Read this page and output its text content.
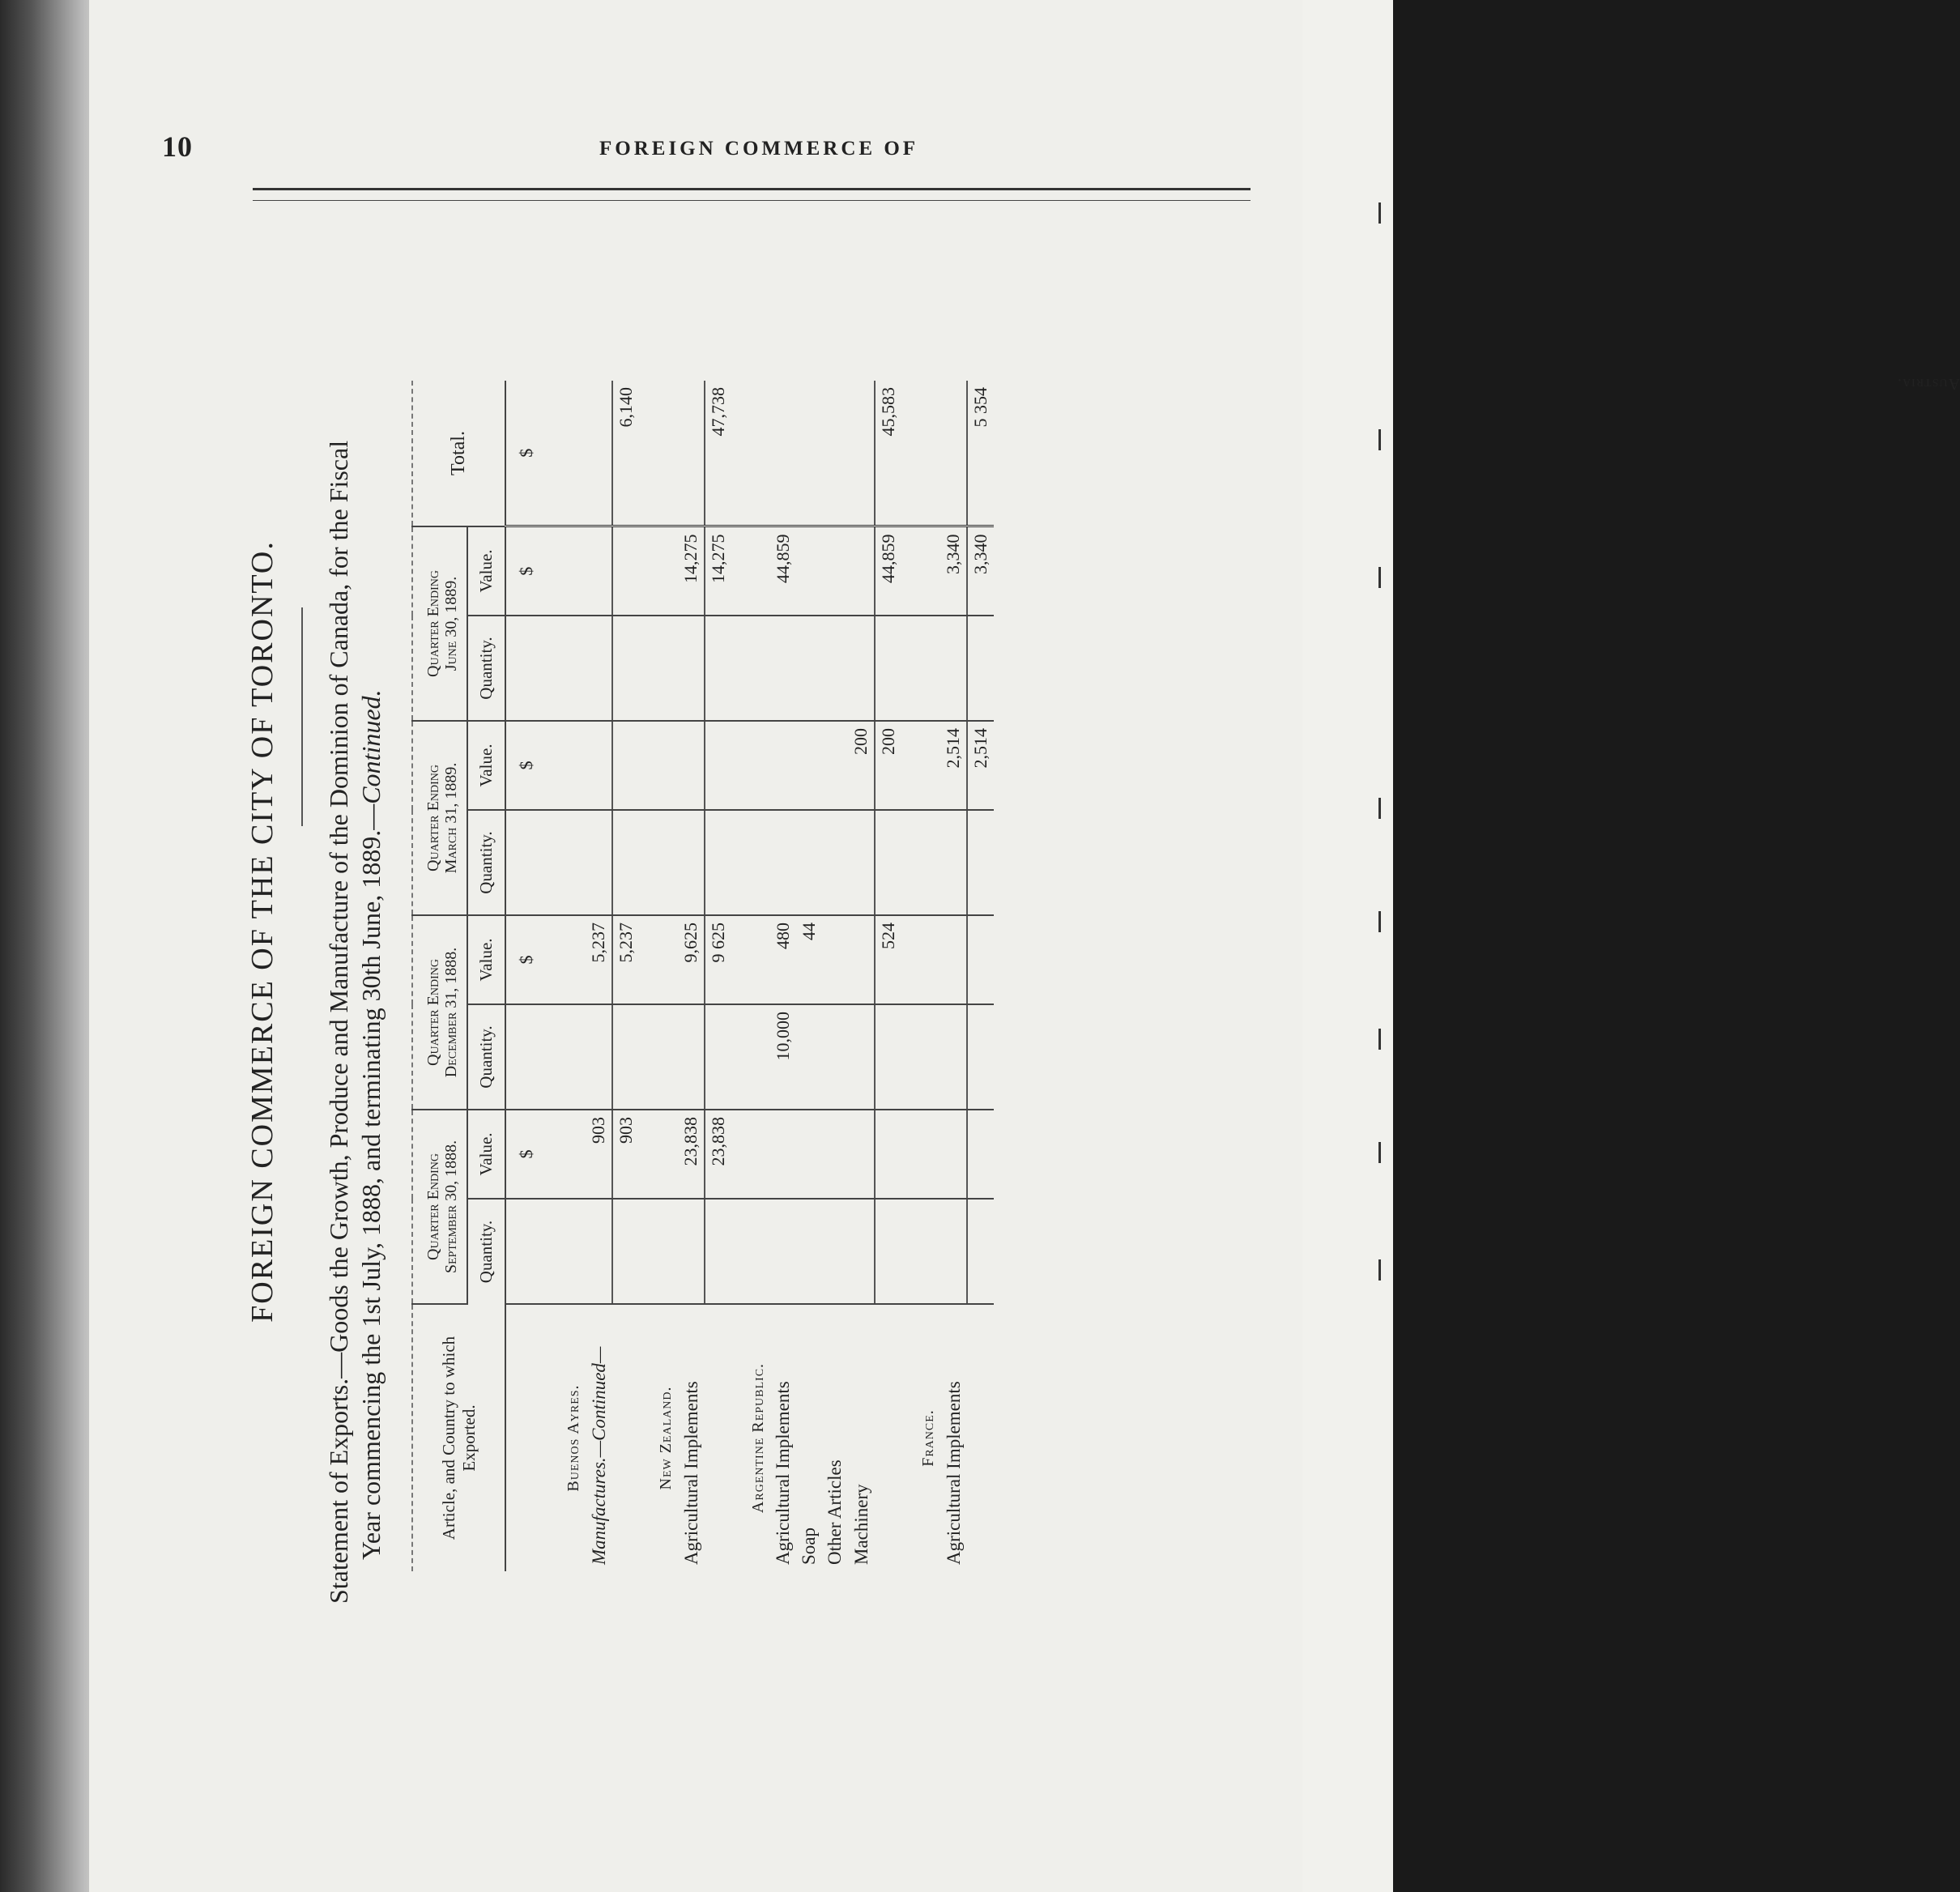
10	FOREIGN COMMERCE OF
FOREIGN COMMERCE OF THE CITY OF TORONTO. Statement of Exports.—Goods the Growth, Produce and Manufacture of the Dominion of Canada, for the Fiscal Year commencing the 1st July, 1888, and terminating 30th June, 1889.—Continued.
Article, and Country to which Exported.	Quarter Ending
September 30, 1888.		Quarter Ending
December 31, 1888.		Quarter Ending
March 31, 1889.		Quarter Ending
June 30, 1889.		Total.
	Quantity.	Value.	Quantity.	Value.	Quantity.	Value.	Quantity.	Value.	
		$		$		$		$	$
Buenos Ayres.									
Manufactures.—Continued—		903		5,237					
		903		5,237					6,140
New Zealand.									
Agricultural Implements		23,838		9,625				14,275	
		23,838		9 625				14,275	47,738
Argentine Republic.									
Agricultural Implements			10,000	480				44,859	
Soap				44					
Other Articles									
Machinery						200			
				524		200		44,859	45,583
France.									
Agricultural Implements						2,514		3,340	
						2,514		3,340	5 354
Austria.
